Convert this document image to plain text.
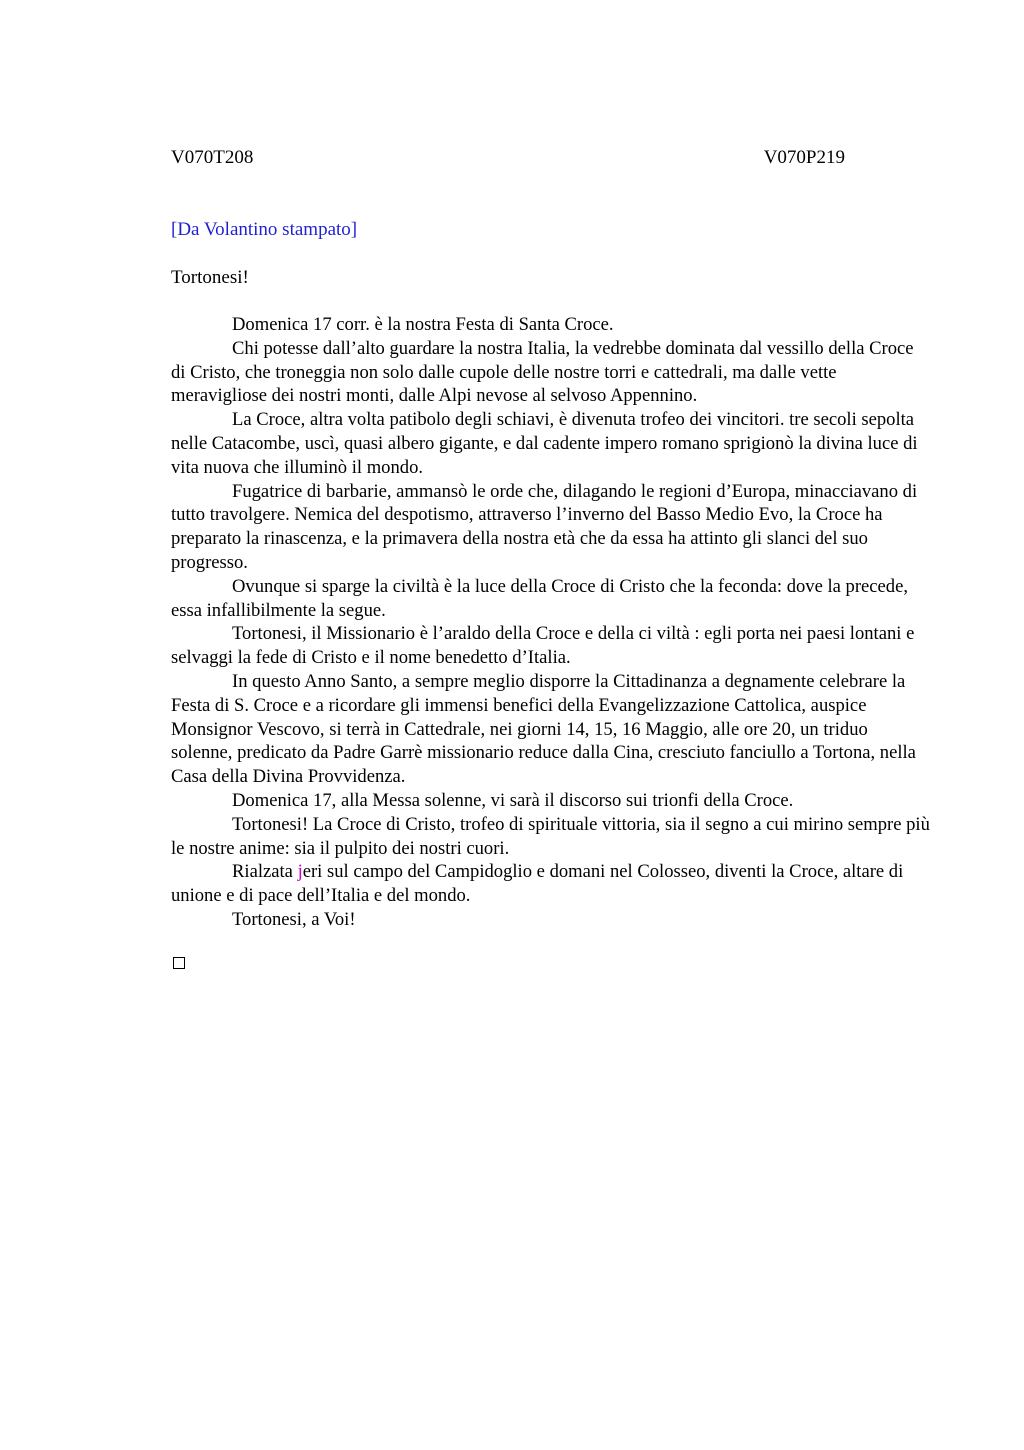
V070T208	V070P219
[Da Volantino stampato]
Tortonesi!

Domenica 17 corr. è la nostra Festa di Santa Croce.

Chi potesse dall’alto guardare la nostra Italia, la vedrebbe dominata dal vessillo della Croce di Cristo, che troneggia non solo dalle cupole delle nostre torri e cattedrali, ma dalle vette meravigliose dei nostri monti, dalle Alpi nevose al selvoso Appennino.

La Croce, altra volta patibolo degli schiavi, è divenuta trofeo dei vincitori. tre secoli sepolta nelle Catacombe, uscì, quasi albero gigante, e dal cadente impero romano sprigionò la divina luce di vita nuova che illuminò il mondo.

Fugatrice di barbarie, ammansò le orde che, dilagando le regioni d’Europa, minacciavano di tutto travolgere. Nemica del despotismo, attraverso l’inverno del Basso Medio Evo, la Croce ha preparato la rinascenza, e la primavera della nostra età che da essa ha attinto gli slanci del suo progresso.

Ovunque si sparge la civiltà è la luce della Croce di Cristo che la feconda: dove la precede, essa infallibilmente la segue.

Tortonesi, il Missionario è l’araldo della Croce e della ci viltà : egli porta nei paesi lontani e selvaggi la fede di Cristo e il nome benedetto d’Italia.

In questo Anno Santo, a sempre meglio disporre la Cittadinanza a degnamente celebrare la Festa di S. Croce e a ricordare gli immensi benefici della Evangelizzazione Cattolica, auspice Monsignor Vescovo, si terrà in Cattedrale, nei giorni 14, 15, 16 Maggio, alle ore 20, un triduo solenne, predicato da Padre Garrè missionario reduce dalla Cina, cresciuto fanciullo a Tortona, nella Casa della Divina Provvidenza.

Domenica 17, alla Messa solenne, vi sarà il discorso sui trionfi della Croce.

Tortonesi! La Croce di Cristo, trofeo di spirituale vittoria, sia il segno a cui mirino sempre più le nostre anime: sia il pulpito dei nostri cuori.

Rialzata jeri sul campo del Campidoglio e domani nel Colosseo, diventi la Croce, altare di unione e di pace dell’Italia e del mondo.

Tortonesi, a Voi!
